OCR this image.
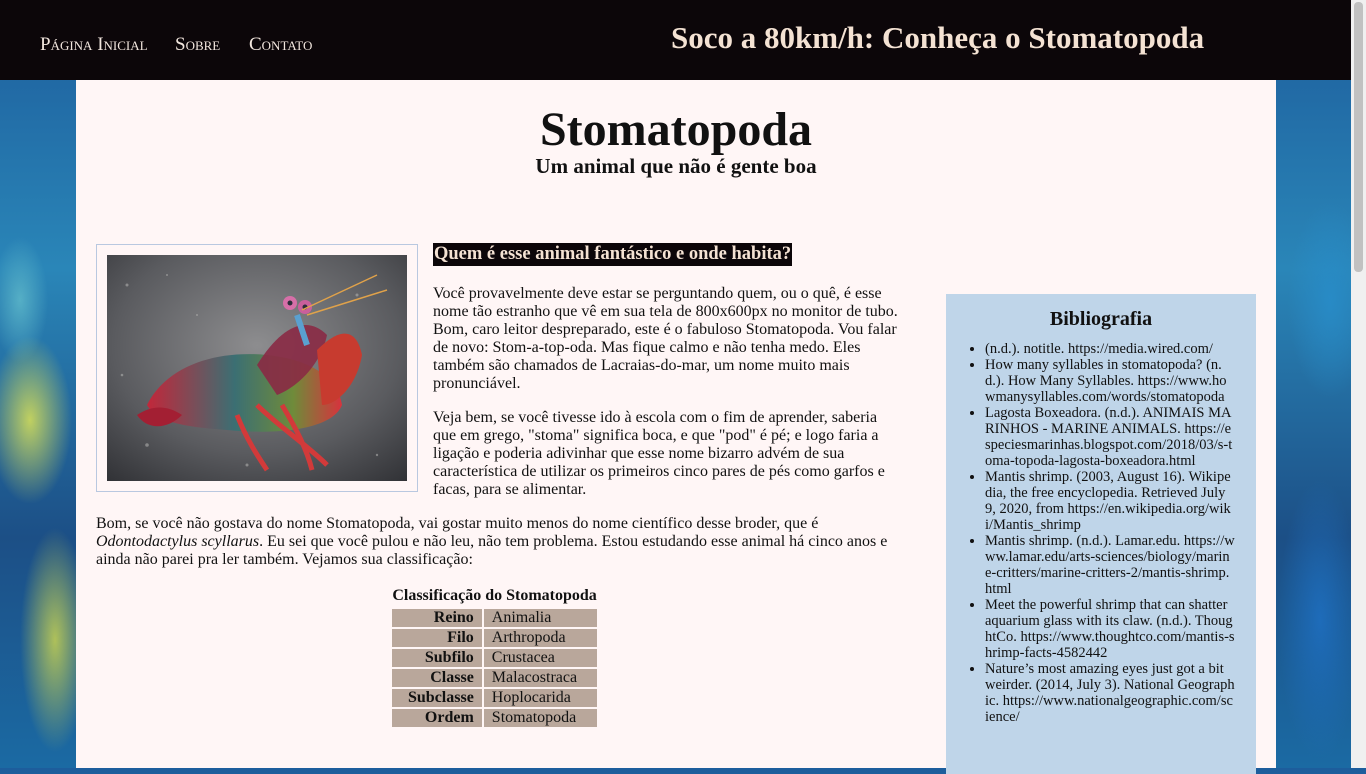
Página Inicial Sobre Contato	Soco a 80km/h: Conheça o Stomatopoda
Stomatopoda
Um animal que não é gente boa
Quem é esse animal fantástico e onde habita?

Você provavelmente deve estar se perguntando quem, ou o quê, é esse nome tão estranho que vê em sua tela de 800x600px no monitor de tubo. Bom, caro leitor despreparado, este é o fabuloso Stomatopoda. Vou falar de novo: Stom-a-top-oda. Mas fique calmo e não tenha medo. Eles também são chamados de Lacraias-do-mar, um nome muito mais pronunciável.

Veja bem, se você tivesse ido à escola com o fim de aprender, saberia que em grego, "stoma" significa boca, e que "pod" é pé; e logo faria a ligação e poderia adivinhar que esse nome bizarro advém de sua característica de utilizar os primeiros cinco pares de pés como garfos e facas, para se alimentar.

Bom, se você não gostava do nome Stomatopoda, vai gostar muito menos do nome científico desse broder, que é Odontodactylus scyllarus. Eu sei que você pulou e não leu, não tem problema. Estou estudando esse animal há cinco anos e ainda não parei pra ler também. Vejamos sua classificação:

Classificação do Stomatopoda
Reino	Animalia
Filo	Arthropoda
Subfilo	Crustacea
Classe	Malacostraca
Subclasse	Hoplocarida
Ordem	Stomatopoda
Bibliografia
• (n.d.). notitle. https://media.wired.com/
• How many syllables in stomatopoda? (n.d.). How Many Syllables. https://www.howmanysyllables.com/words/stomatopoda
• Lagosta Boxeadora. (n.d.). ANIMAIS MARINHOS - MARINE ANIMALS. https://especiesmarinhas.blogspot.com/2018/03/s-toma-topoda-lagosta-boxeadora.html
• Mantis shrimp. (2003, August 16). Wikipedia, the free encyclopedia. Retrieved July 9, 2020, from https://en.wikipedia.org/wiki/Mantis_shrimp
• Mantis shrimp. (n.d.). Lamar.edu. https://www.lamar.edu/arts-sciences/biology/marine-critters/marine-critters-2/mantis-shrimp.html
• Meet the powerful shrimp that can shatter aquarium glass with its claw. (n.d.). ThoughtCo. https://www.thoughtco.com/mantis-shrimp-facts-4582442
• Nature’s most amazing eyes just got a bit weirder. (2014, July 3). National Geographic. https://www.nationalgeographic.com/science/
